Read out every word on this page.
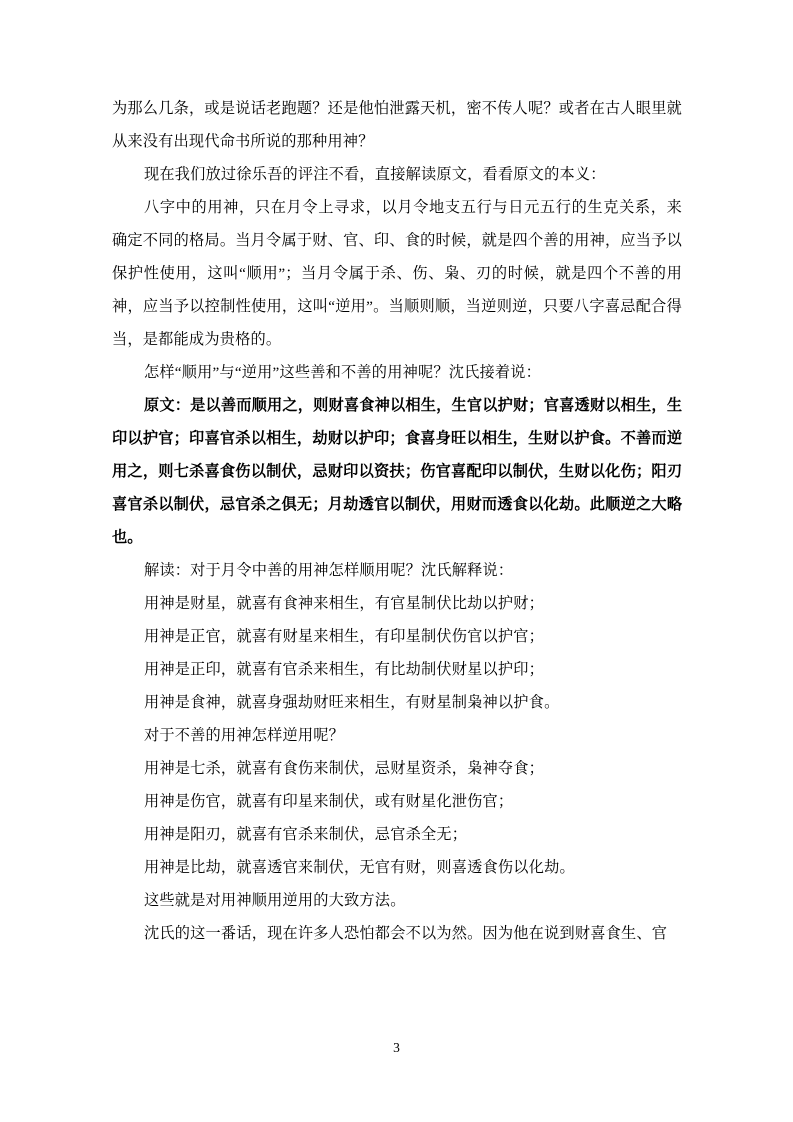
为那么几条，或是说话老跑题？还是他怕泄露天机，密不传人呢？或者在古人眼里就从来没有出现代命书所说的那种用神？

现在我们放过徐乐吾的评注不看，直接解读原文，看看原文的本义：

八字中的用神，只在月令上寻求，以月令地支五行与日元五行的生克关系，来确定不同的格局。当月令属于财、官、印、食的时候，就是四个善的用神，应当予以保护性使用，这叫“顺用”；当月令属于杀、伤、枭、刃的时候，就是四个不善的用神，应当予以控制性使用，这叫“逆用”。当顺则顺，当逆则逆，只要八字喜忌配合得当，是都能成为贵格的。

怎样“顺用”与“逆用”这些善和不善的用神呢？沈氏接着说：

原文：是以善而顺用之，则财喜食神以相生，生官以护财；官喜透财以相生，生印以护官；印喜官杀以相生，劫财以护印；食喜身旺以相生，生财以护食。不善而逆用之，则七杀喜食伤以制伏，忌财印以资扶；伤官喜配印以制伏，生财以化伤；阳刃喜官杀以制伏，忌官杀之俱无；月劫透官以制伏，用财而透食以化劫。此顺逆之大略也。

解读：对于月令中善的用神怎样顺用呢？沈氏解释说：

用神是财星，就喜有食神来相生，有官星制伏比劫以护财；

用神是正官，就喜有财星来相生，有印星制伏伤官以护官；

用神是正印，就喜有官杀来相生，有比劫制伏财星以护印；

用神是食神，就喜身强劫财旺来相生，有财星制枭神以护食。

对于不善的用神怎样逆用呢？

用神是七杀，就喜有食伤来制伏，忌财星资杀，枭神夺食；

用神是伤官，就喜有印星来制伏，或有财星化泄伤官；

用神是阳刃，就喜有官杀来制伏，忌官杀全无；

用神是比劫，就喜透官来制伏，无官有财，则喜透食伤以化劫。

这些就是对用神顺用逆用的大致方法。

沈氏的这一番话，现在许多人恐怕都会不以为然。因为他在说到财喜食生、官

3
